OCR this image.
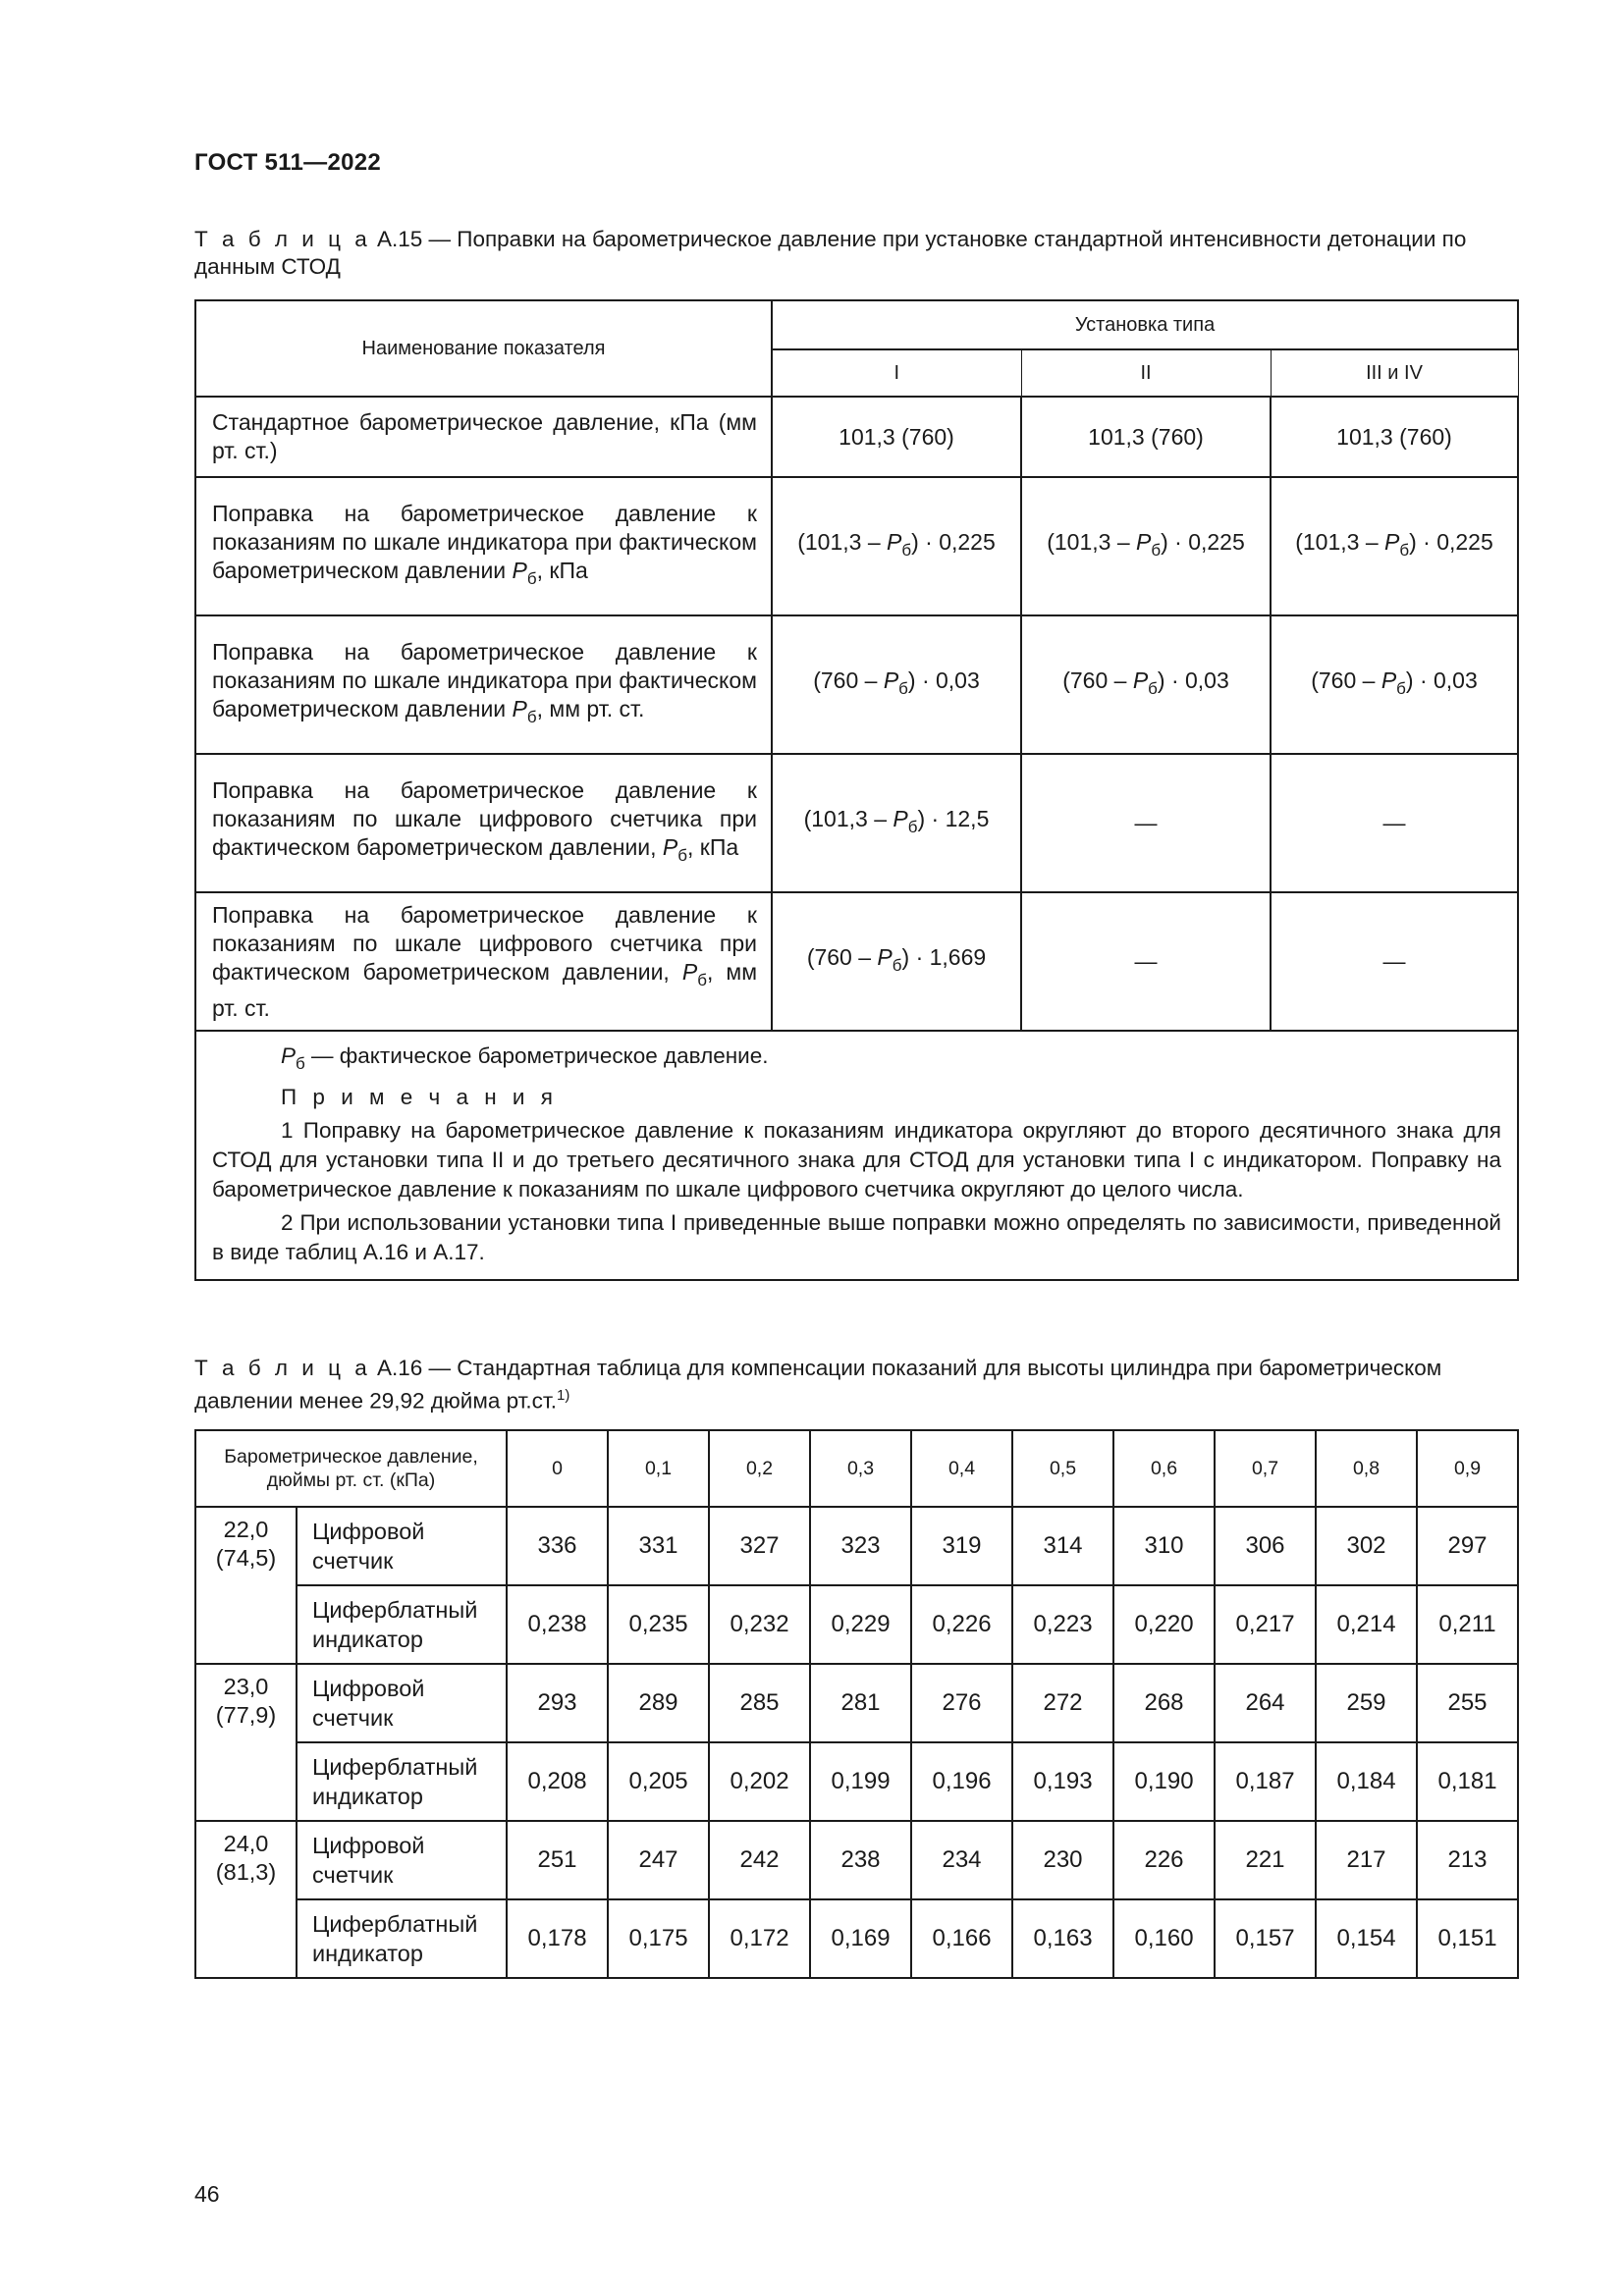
ГОСТ 511—2022
Т а б л и ц а А.15 — Поправки на барометрическое давление при установке стандартной интенсивности детонации по данным СТОД
Наименование показателя	Установка типа		
	I	II	III и IV
Стандартное барометрическое давление, кПа (мм рт. ст.)	101,3 (760)	101,3 (760)	101,3 (760)
Поправка на барометрическое давление к показаниям по шкале индикатора при фактическом барометрическом давлении $P_б$, кПа	$(101,3 - P_б) \cdot 0,225$	$(101,3 - P_б) \cdot 0,225$	$(101,3 - P_б) \cdot 0,225$
Поправка на барометрическое давление к показаниям по шкале индикатора при фактическом барометрическом давлении $P_б$, мм рт. ст.	$(760 - P_б) \cdot 0,03$	$(760 - P_б) \cdot 0,03$	$(760 - P_б) \cdot 0,03$
Поправка на барометрическое давление к показаниям по шкале цифрового счетчика при фактическом барометрическом давлении, $P_б$, кПа	$(101,3 - P_б) \cdot 12,5$	—	—
Поправка на барометрическое давление к показаниям по шкале цифрового счетчика при фактическом барометрическом давлении, $P_б$, мм рт. ст.	$(760 - P_б) \cdot 1,669$	—	—

$P_б$ — фактическое барометрическое давление.

П р и м е ч а н и я

1 Поправку на барометрическое давление к показаниям индикатора округляют до второго десятичного знака для СТОД для установки типа II и до третьего десятичного знака для СТОД для установки типа I с индикатором. Поправку на барометрическое давление к показаниям по шкале цифрового счетчика округляют до целого числа.

2 При использовании установки типа I приведенные выше поправки можно определять по зависимости, приведенной в виде таблиц А.16 и А.17.			

Т а б л и ц а А.16 — Стандартная таблица для компенсации показаний для высоты цилиндра при барометрическом давлении менее 29,92 дюйма рт.ст.$^{1)}$
Барометрическое давление, дюймы рт. ст. (кПа)		0	0,1	0,2	0,3	0,4	0,5	0,6	0,7	0,8	0,9

22,0
(74,5)	Цифровой счетчик	336	331	327	323	319	314	310	306	302	297
	Циферблатный индикатор	0,238	0,235	0,232	0,229	0,226	0,223	0,220	0,217	0,214	0,211

23,0
(77,9)	Цифровой счетчик	293	289	285	281	276	272	268	264	259	255
	Циферблатный индикатор	0,208	0,205	0,202	0,199	0,196	0,193	0,190	0,187	0,184	0,181

24,0
(81,3)	Цифровой счетчик	251	247	242	238	234	230	226	221	217	213
	Циферблатный индикатор	0,178	0,175	0,172	0,169	0,166	0,163	0,160	0,157	0,154	0,151
46
